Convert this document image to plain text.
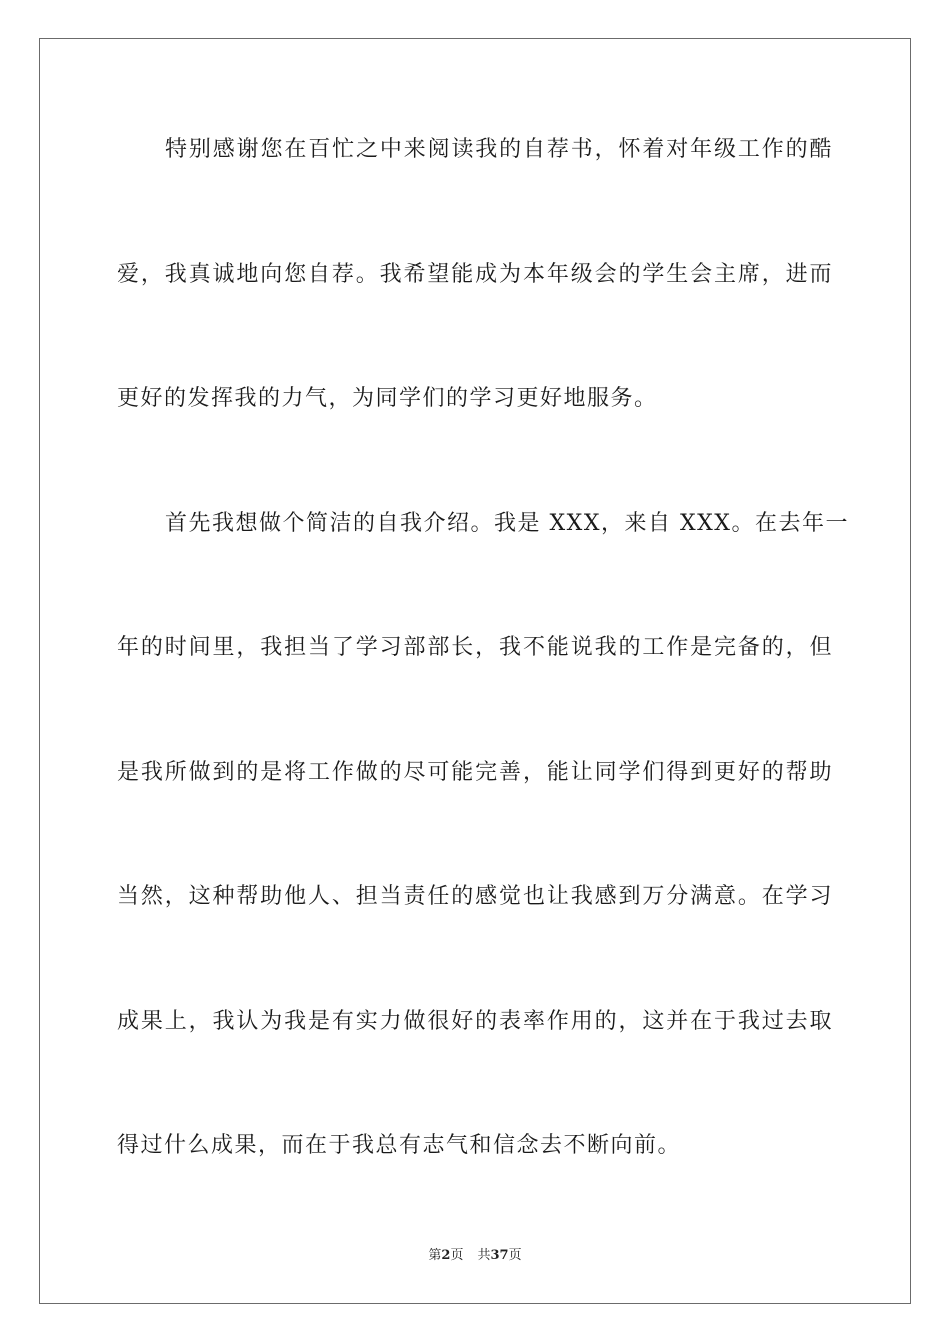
特别感谢您在百忙之中来阅读我的自荐书，怀着对年级工作的酷
爱，我真诚地向您自荐。我希望能成为本年级会的学生会主席，进而
更好的发挥我的力气，为同学们的学习更好地服务。
首先我想做个简洁的自我介绍。我是 XXX，来自 XXX。在去年一
年的时间里，我担当了学习部部长，我不能说我的工作是完备的，但
是我所做到的是将工作做的尽可能完善，能让同学们得到更好的帮助
当然，这种帮助他人、担当责任的感觉也让我感到万分满意。在学习
成果上，我认为我是有实力做很好的表率作用的，这并在于我过去取
得过什么成果，而在于我总有志气和信念去不断向前。
第2页 共37页
